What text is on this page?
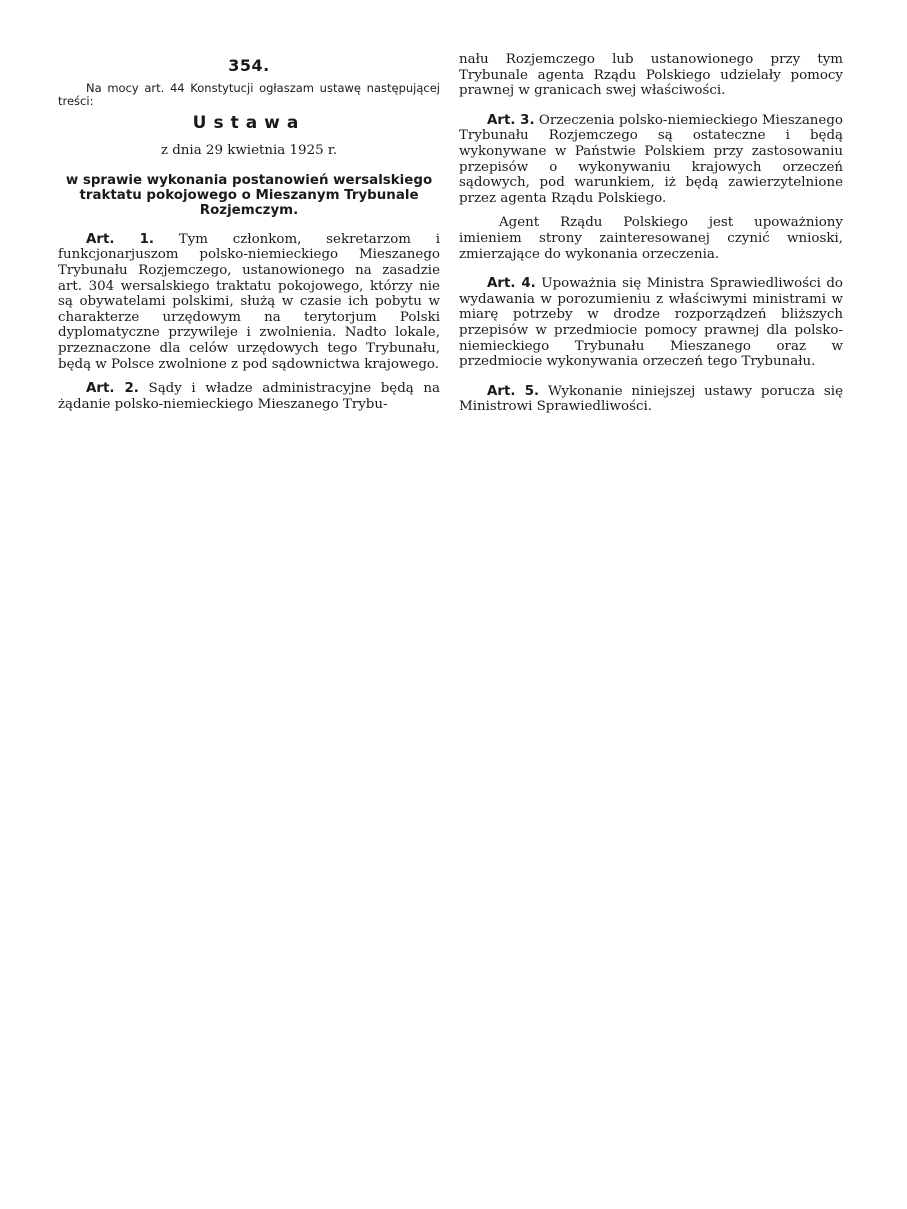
354.

Na mocy art. 44 Konstytucji ogłaszam ustawę następującej treści:

Ustawa
z dnia 29 kwietnia 1925 r.
w sprawie wykonania postanowień wersalskiego traktatu pokojowego o Mieszanym Trybunale Rozjemczym.

Art. 1. Tym członkom, sekretarzom i funkcjonarjuszom polsko-niemieckiego Mieszanego Trybunału Rozjemczego, ustanowionego na zasadzie art. 304 wersalskiego traktatu pokojowego, którzy nie są obywatelami polskimi, służą w czasie ich pobytu w charakterze urzędowym na terytorjum Polski dyplomatyczne przywileje i zwolnienia. Nadto lokale, przeznaczone dla celów urzędowych tego Trybunału, będą w Polsce zwolnione z pod sądownictwa krajowego.

Art. 2. Sądy i władze administracyjne będą na żądanie polsko-niemieckiego Mieszanego Trybu-

nału Rozjemczego lub ustanowionego przy tym Trybunale agenta Rządu Polskiego udzielały pomocy prawnej w granicach swej właściwości.

Art. 3. Orzeczenia polsko-niemieckiego Mieszanego Trybunału Rozjemczego są ostateczne i będą wykonywane w Państwie Polskiem przy zastosowaniu przepisów o wykonywaniu krajowych orzeczeń sądowych, pod warunkiem, iż będą zawierzytelnione przez agenta Rządu Polskiego.

Agent Rządu Polskiego jest upoważniony imieniem strony zainteresowanej czynić wnioski, zmierzające do wykonania orzeczenia.

Art. 4. Upoważnia się Ministra Sprawiedliwości do wydawania w porozumieniu z właściwymi ministrami w miarę potrzeby w drodze rozporządzeń bliższych przepisów w przedmiocie pomocy prawnej dla polsko-niemieckiego Trybunału Mieszanego oraz w przedmiocie wykonywania orzeczeń tego Trybunału.

Art. 5. Wykonanie niniejszej ustawy porucza się Ministrowi Sprawiedliwości.
